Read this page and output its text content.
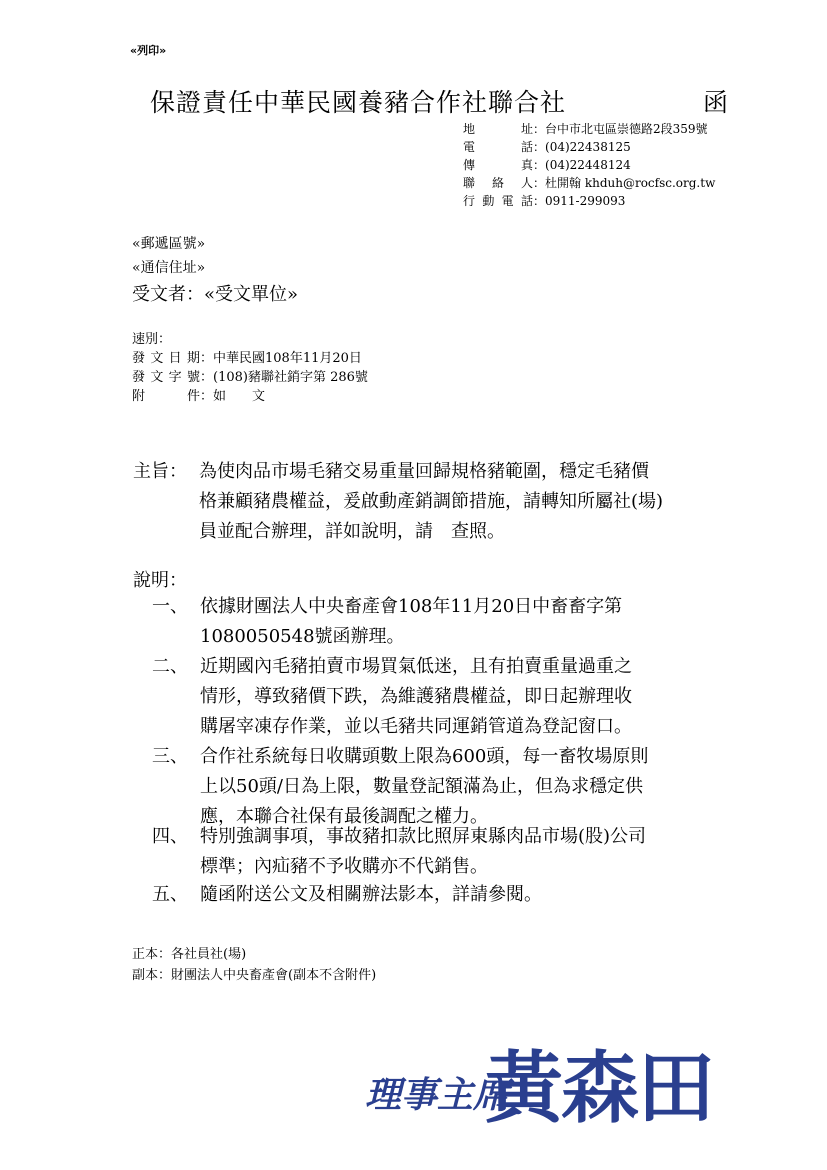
«列印»
保證責任中華民國養豬合作社聯合社	函
地	址 ： 台中市北屯區崇德路2段359號
電	話 ： (04)22438125
傳	真 ： (04)22448124
聯 絡 人 ： 杜開翰 khduh@rocfsc.org.tw
行 動 電 話 ： 0911-299093
«郵遞區號»
«通信住址»
受文者：«受文單位»
速 別 ：
發 文 日 期 ： 中華民國108年11月20日
發 文 字 號 ： (108)豬聯社銷字第 286號
附	件 ： 如　　文
主旨： 為使肉品市場毛豬交易重量回歸規格豬範圍，穩定毛豬價
格兼顧豬農權益，爰啟動產銷調節措施，請轉知所屬社(場)
員並配合辦理，詳如說明，請　查照。
說明：
一、 依據財團法人中央畜產會108年11月20日中畜畜字第
1080050548號函辦理。
二、 近期國內毛豬拍賣市場買氣低迷，且有拍賣重量過重之
情形，導致豬價下跌，為維護豬農權益，即日起辦理收
購屠宰凍存作業，並以毛豬共同運銷管道為登記窗口。
三、 合作社系統每日收購頭數上限為600頭，每一畜牧場原則
上以50頭/日為上限，數量登記額滿為止，但為求穩定供
應，本聯合社保有最後調配之權力。
四、 特別強調事項，事故豬扣款比照屏東縣肉品市場(股)公司
標準；內疝豬不予收購亦不代銷售。
五、 隨函附送公文及相關辦法影本，詳請參閱。
正本：各社員社(場)
副本：財團法人中央畜產會(副本不含附件)
理事主席
黃森田
